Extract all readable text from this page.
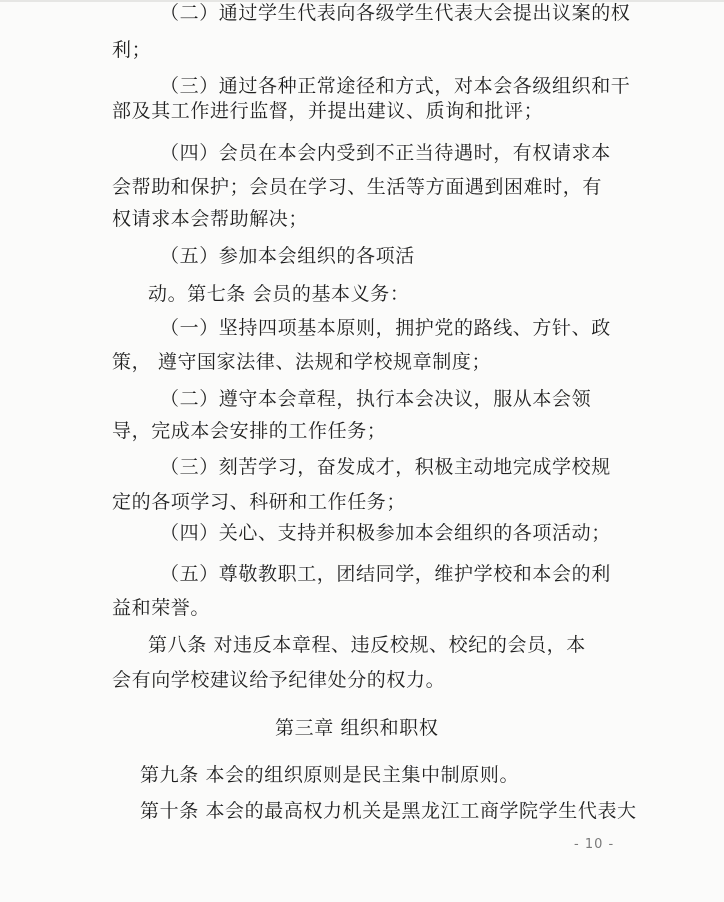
（二）通过学生代表向各级学生代表大会提出议案的权
利；
（三）通过各种正常途径和方式，对本会各级组织和干
部及其工作进行监督，并提出建议、质询和批评；
（四）会员在本会内受到不正当待遇时，有权请求本
会帮助和保护；会员在学习、生活等方面遇到困难时，有
权请求本会帮助解决；
（五）参加本会组织的各项活
动。第七条 会员的基本义务：
（一）坚持四项基本原则，拥护党的路线、方针、政
策， 遵守国家法律、法规和学校规章制度；
（二）遵守本会章程，执行本会决议，服从本会领
导，完成本会安排的工作任务；
（三）刻苦学习，奋发成才，积极主动地完成学校规
定的各项学习、科研和工作任务；
（四）关心、支持并积极参加本会组织的各项活动；
（五）尊敬教职工，团结同学，维护学校和本会的利
益和荣誉。
第八条 对违反本章程、违反校规、校纪的会员，本
会有向学校建议给予纪律处分的权力。
第三章 组织和职权
第九条 本会的组织原则是民主集中制原则。
第十条 本会的最高权力机关是黑龙江工商学院学生代表大
- 10 -
